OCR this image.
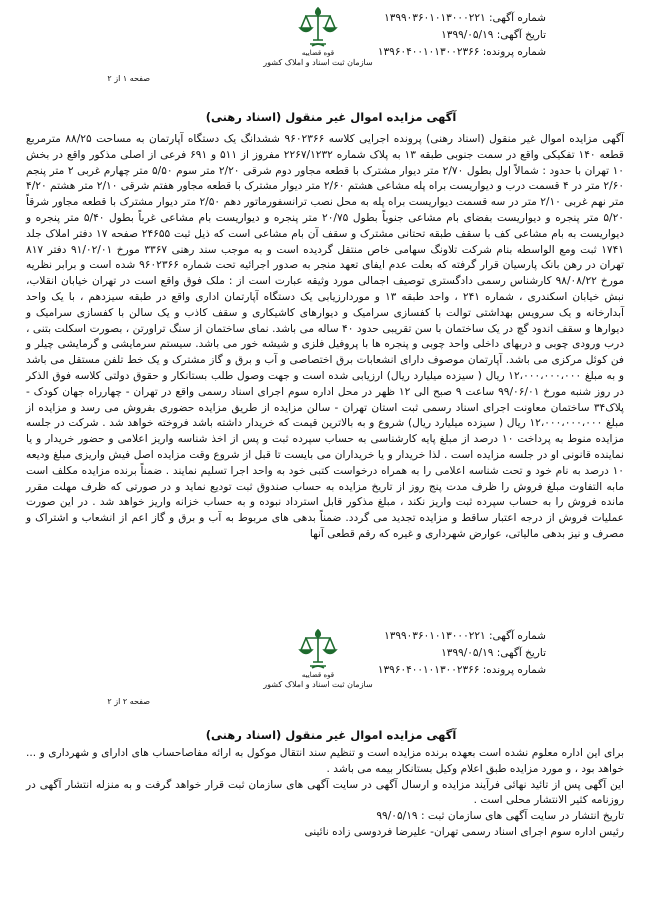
شماره آگهی: ۱۳۹۹۰۳۶۰۱۰۱۳۰۰۰۲۲۱
تاریخ آگهی: ۱۳۹۹/۰۵/۱۹
شماره پرونده: ۱۳۹۶۰۴۰۰۱۰۱۳۰۰۲۳۶۶
قوه قضاییه
سازمان ثبت اسناد و املاک کشور
صفحه ۱ از ۲
آگهی مزایده اموال غیر منقول (اسناد رهنی)

آگهی مزایده اموال غیر منقول (اسناد رهنی) پرونده اجرایی کلاسه ۹۶۰۲۳۶۶ ششدانگ یک دستگاه آپارتمان به مساحت ۸۸/۲۵ مترمربع قطعه ۱۴۰ تفکیکی واقع در سمت جنوبی طبقه ۱۳ به پلاک شماره ۲۲۶۷/۱۲۳۲ مفروز از ۵۱۱ و ۶۹۱ فرعی از اصلی مذکور واقع در بخش ۱۰ تهران با حدود : شمالاً اول بطول ۲/۷۰ متر دیوار مشترک با قطعه مجاور دوم شرقی ۲/۲۰ متر سوم ۵/۵۰ متر چهارم غربی ۲ متر پنجم ۲/۶۰ متر در ۴ قسمت درب و دیواریست براه پله مشاعی هشتم ۲/۶۰ متر دیوار مشترک با قطعه مجاور هفتم شرقی ۲/۱۰ متر هشتم ۴/۲۰ متر نهم غربی ۲/۱۰ متر در سه قسمت دیواریست براه پله به محل نصب ترانسفورماتور دهم ۲/۵۰ متر دیوار مشترک با قطعه مجاور شرقاً ۵/۲۰ متر پنجره و دیواریست بفضای بام مشاعی جنوباً بطول ۲۰/۷۵ متر پنجره و دیواریست بام مشاعی غرباً بطول ۵/۴۰ متر پنجره و دیواریست به بام مشاعی کف با سقف طبقه تحتانی مشترک و سقف آن بام مشاعی است که ذیل ثبت ۲۴۶۵۵ صفحه ۱۷ دفتر املاک جلد ۱۷۴۱ ثبت ومع الواسطه بنام شرکت تلاونگ سهامی خاص منتقل گردیده است و به موجب سند رهنی ۳۳۶۷ مورخ ۹۱/۰۲/۰۱ دفتر ۸۱۷ تهران در رهن بانک پارسیان قرار گرفته که بعلت عدم ایفای تعهد منجر به صدور اجرائیه تحت شماره ۹۶۰۲۳۶۶ شده است و برابر نظریه مورخ ۹۸/۰۸/۲۲ کارشناس رسمی دادگستری توصیف اجمالی مورد وثیقه عبارت است از : ملک فوق واقع است در تهران خیابان انقلاب، نبش خیابان اسکندری ، شماره ۲۴۱ ، واحد طبقه ۱۳ و موردارزیابی یک دستگاه آپارتمان اداری واقع در طبقه سیزدهم ، با یک واحد آبدارخانه و یک سرویس بهداشتی توالت با کفسازی سرامیک و دیوارهای کاشیکاری و سقف کاذب و یک سالن با کفسازی سرامیک و دیوارها و سقف اندود گچ در یک ساختمان با سن تقریبی حدود ۴۰ ساله می باشد. نمای ساختمان از سنگ تراورتن ، بصورت اسکلت بتنی ، درب ورودی چوبی و دربهای داخلی واحد چوبی و پنجره ها با پروفیل فلزی و شیشه خور می باشد. سیستم سرمایشی و گرمایشی چیلر و فن کوئل مرکزی می باشد. آپارتمان موصوف دارای انشعابات برق اختصاصی و آب و برق و گاز مشترک و یک خط تلفن مستقل می باشد و به مبلغ ۱۲،۰۰۰،۰۰۰،۰۰۰ ریال ( سیزده میلیارد ریال) ارزیابی شده است و جهت وصول طلب بستانکار و حقوق دولتی کلاسه فوق الذکر در روز شنبه مورخ ۹۹/۰۶/۰۱ ساعت ۹ صبح الی ۱۲ ظهر در محل اداره سوم اجرای اسناد رسمی واقع در تهران - چهارراه جهان کودک - پلاک۳۴ ساختمان معاونت اجرای اسناد رسمی ثبت استان تهران - سالن مزایده از طریق مزایده حضوری بفروش می رسد و مزایده از مبلغ ۱۲،۰۰۰،۰۰۰،۰۰۰ ریال ( سیزده میلیارد ریال) شروع و به بالاترین قیمت که خریدار داشته باشد فروخته خواهد شد . شرکت در جلسه مزایده منوط به پرداخت ۱۰ درصد از مبلغ پایه کارشناسی به حساب سپرده ثبت و پس از اخذ شناسه واریز اعلامی و حضور خریدار و یا نماینده قانونی او در جلسه مزایده است . لذا خریدار و یا خریداران می بایست تا قبل از شروع وقت مزایده اصل فیش واریزی مبلغ ودیعه ۱۰ درصد به نام خود و تحت شناسه اعلامی را به همراه درخواست کتبی خود به واحد اجرا تسلیم نمایند . ضمناً برنده مزایده مکلف است مابه التفاوت مبلغ فروش را ظرف مدت پنج روز از تاریخ مزایده به حساب صندوق ثبت تودیع نماید و در صورتی که ظرف مهلت مقرر مانده فروش را به حساب سپرده ثبت واریز نکند ، مبلغ مذکور قابل استرداد نبوده و به حساب خزانه واریز خواهد شد . در این صورت عملیات فروش از درجه اعتبار ساقط و مزایده تجدید می گردد. ضمناً بدهی های مربوط به آب و برق و گاز اعم از انشعاب و اشتراک و مصرف و نیز بدهی مالیاتی، عوارض شهرداری و غیره که رقم قطعی آنها

شماره آگهی: ۱۳۹۹۰۳۶۰۱۰۱۳۰۰۰۲۲۱
تاریخ آگهی: ۱۳۹۹/۰۵/۱۹
شماره پرونده: ۱۳۹۶۰۴۰۰۱۰۱۳۰۰۲۳۶۶
قوه قضاییه
سازمان ثبت اسناد و املاک کشور
صفحه ۲ از ۲
آگهی مزایده اموال غیر منقول (اسناد رهنی)

برای این اداره معلوم نشده است بعهده برنده مزایده است و تنظیم سند انتقال موکول به ارائه مفاصاحساب های ادارای و شهرداری و ... خواهد بود ، و مورد مزایده طبق اعلام وکیل بستانکار بیمه می باشد .

این آگهی پس از تائید نهائی فرآیند مزایده و ارسال آگهی در سایت آگهی های سازمان ثبت قرار خواهد گرفت و به منزله انتشار آگهی در روزنامه کثیر الانتشار محلی است .

تاریخ انتشار در سایت آگهی های سازمان ثبت : ۹۹/۰۵/۱۹

رئیس اداره سوم اجرای اسناد رسمی تهران- علیرضا فردوسی زاده نائینی
